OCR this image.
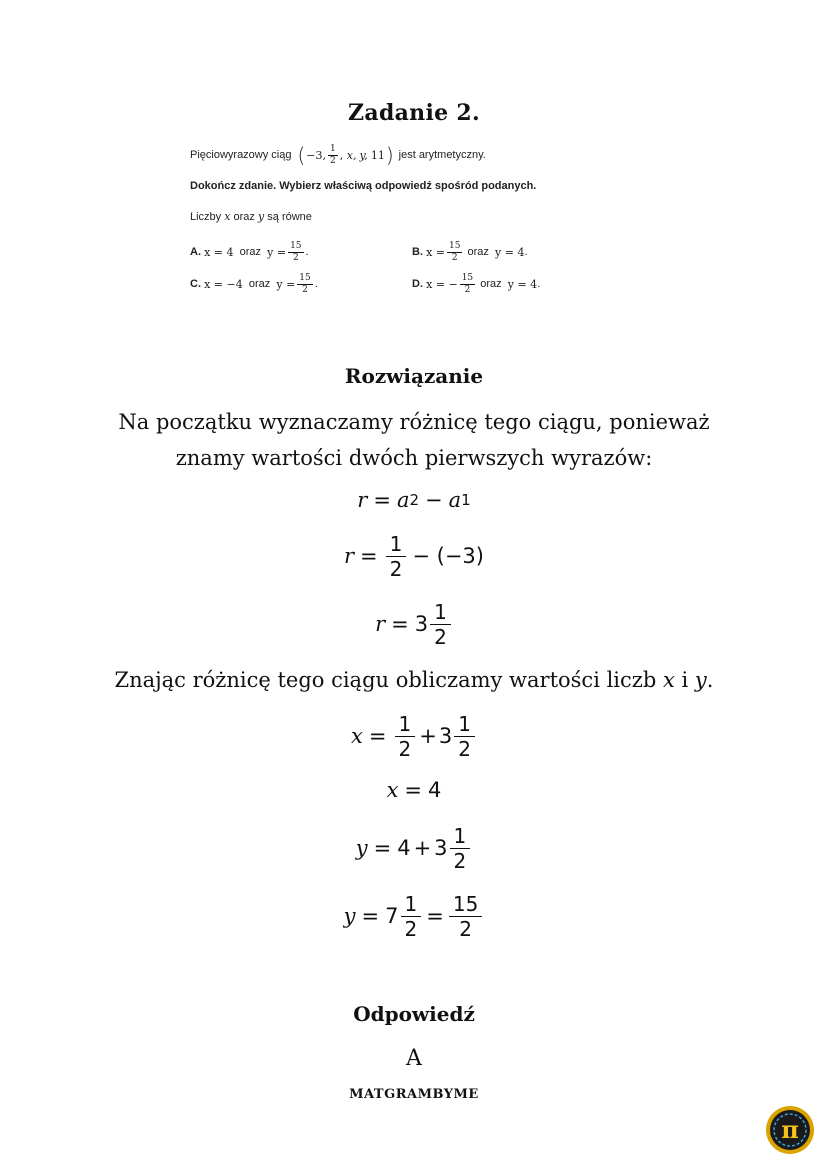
Zadanie 2.
Pięciowyrazowy ciąg ( −3, $\frac{1}{2}$ , x,
y,
11 ) jest arytmetyczny.
Dokończ zdanie. Wybierz właściwą odpowiedź spośród podanych.
Liczby
x
oraz
y
są równe
A.
x = 4
oraz
$y = \frac{15}{2}$ .	B.
$x = \frac{15}{2}$
oraz
y = 4 .
C.
x = −4
oraz
$y = \frac{15}{2}$ .	D.
x = − $\frac{15}{2}$
oraz
y = 4 .
Rozwiązanie
Na początku wyznaczamy różnicę tego ciągu, ponieważ
znamy wartości dwóch pierwszych wyrazów:
r = a 2 − a 1
$r = \frac{1}{2} - (-3)$
$r = 3 \frac{1}{2}$
Znając różnicę tego ciągu obliczamy wartości liczb x i y.
$x = \frac{1}{2} + 3 \frac{1}{2}$
x = 4
$y = 4 + 3 \frac{1}{2}$
$y = 7 \frac{1}{2} = \frac{15}{2}$
Odpowiedź
A
MATGRAMBYME
π
